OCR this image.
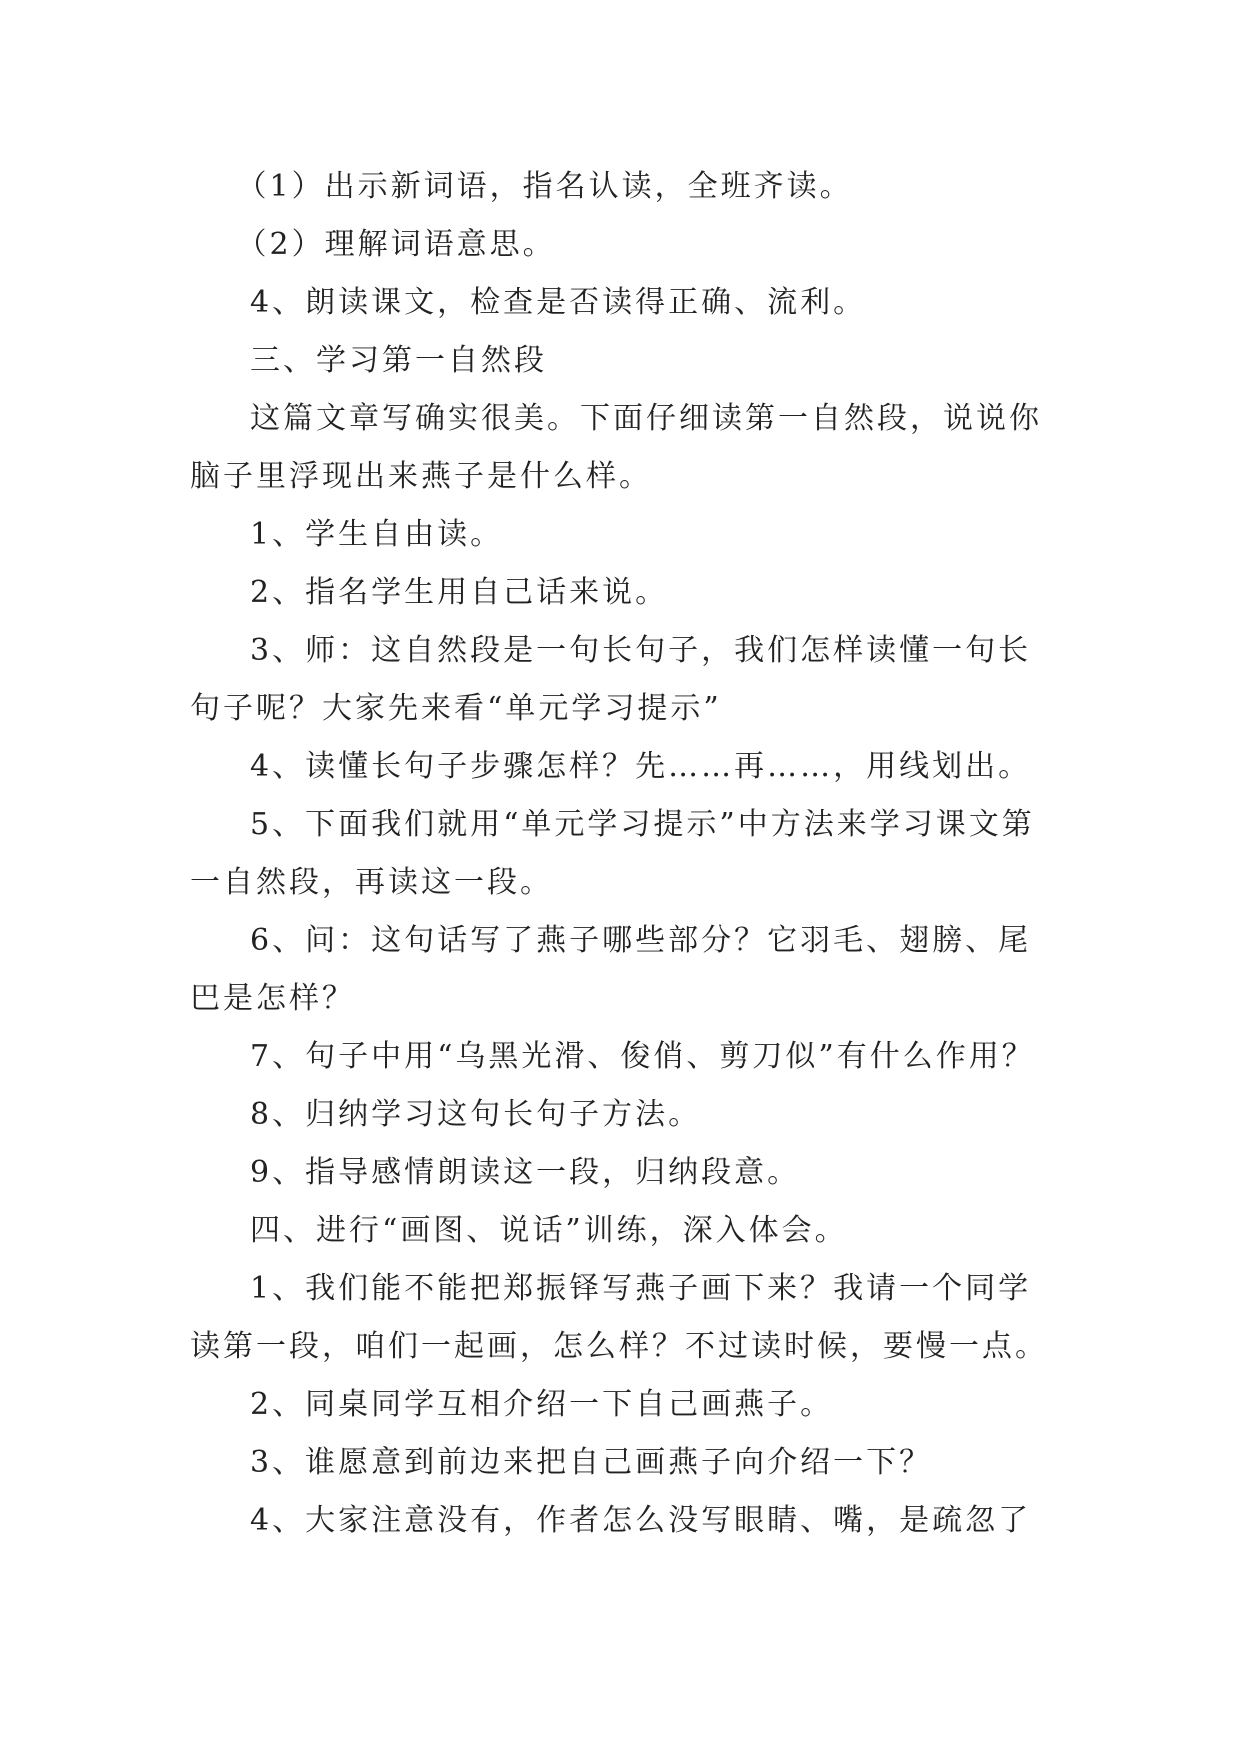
（1）出示新词语，指名认读，全班齐读。

（2）理解词语意思。

4、朗读课文，检查是否读得正确、流利。

三、学习第一自然段

这篇文章写确实很美。下面仔细读第一自然段，说说你脑子里浮现出来燕子是什么样。

1、学生自由读。

2、指名学生用自己话来说。

3、师：这自然段是一句长句子，我们怎样读懂一句长句子呢？大家先来看“单元学习提示”

4、读懂长句子步骤怎样？先……再……，用线划出。

5、下面我们就用“单元学习提示”中方法来学习课文第一自然段，再读这一段。

6、问：这句话写了燕子哪些部分？它羽毛、翅膀、尾巴是怎样？

7、句子中用“乌黑光滑、俊俏、剪刀似”有什么作用？

8、归纳学习这句长句子方法。

9、指导感情朗读这一段，归纳段意。

四、进行“画图、说话”训练，深入体会。

1、我们能不能把郑振铎写燕子画下来？我请一个同学读第一段，咱们一起画，怎么样？不过读时候，要慢一点。

2、同桌同学互相介绍一下自己画燕子。

3、谁愿意到前边来把自己画燕子向介绍一下？

4、大家注意没有，作者怎么没写眼睛、嘴，是疏忽了
